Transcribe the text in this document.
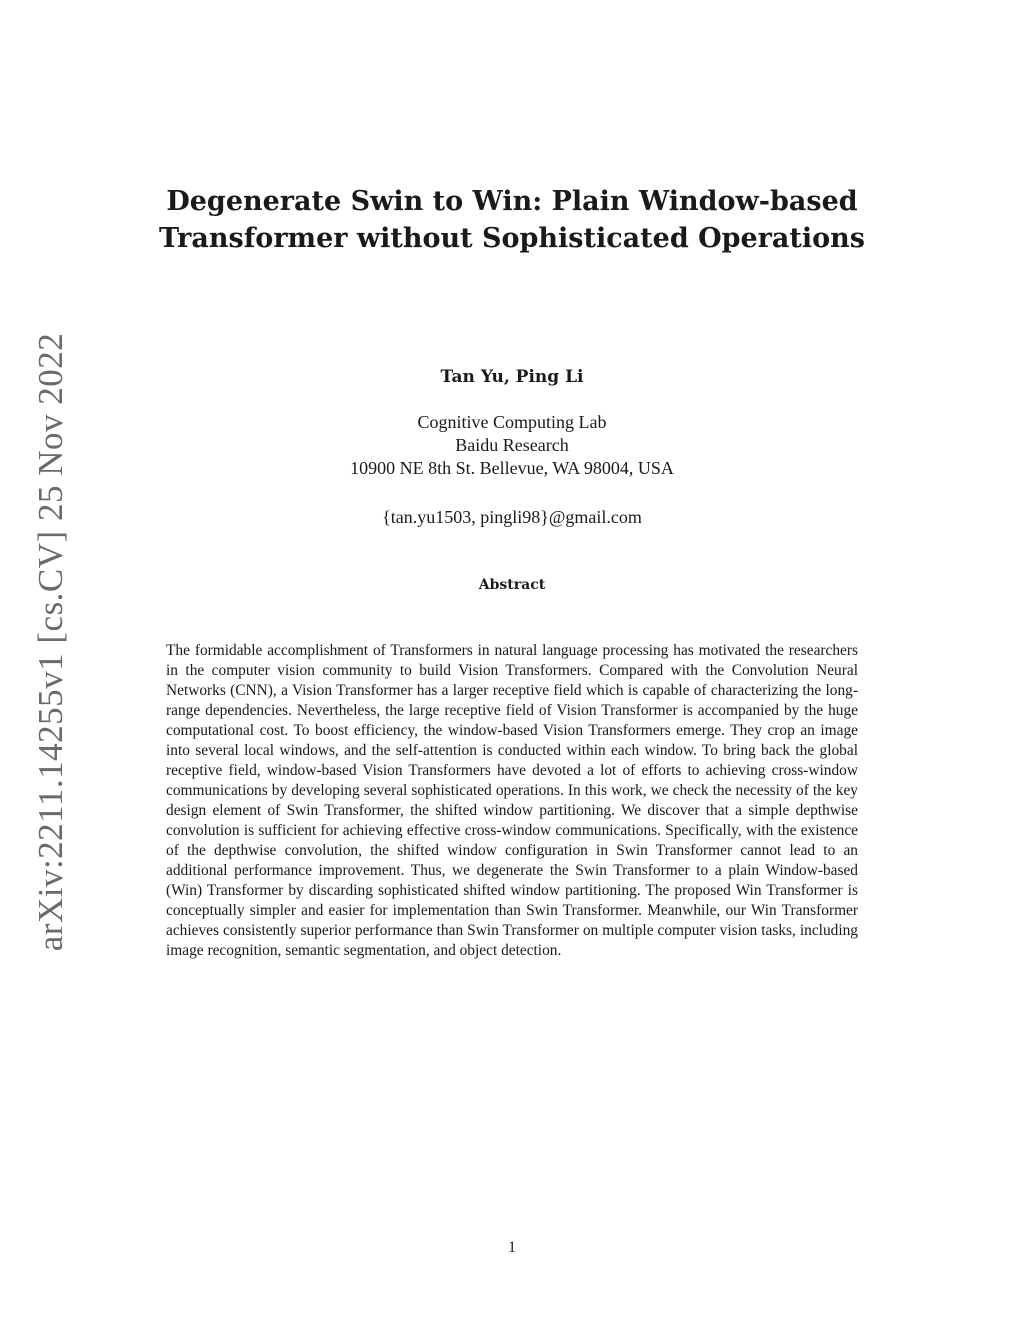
arXiv:2211.14255v1 [cs.CV] 25 Nov 2022
Degenerate Swin to Win: Plain Window-based
Transformer without Sophisticated Operations
Tan Yu, Ping Li
Cognitive Computing Lab
Baidu Research
10900 NE 8th St. Bellevue, WA 98004, USA
{tan.yu1503, pingli98}@gmail.com
Abstract

The formidable accomplishment of Transformers in natural language processing has motivated the researchers in the computer vision community to build Vision Transformers. Compared with the Convolution Neural Networks (CNN), a Vision Transformer has a larger receptive field which is capable of characterizing the long-range dependencies. Nevertheless, the large receptive field of Vision Transformer is accompanied by the huge computational cost. To boost efficiency, the window-based Vision Transformers emerge. They crop an image into several local windows, and the self-attention is conducted within each window. To bring back the global receptive field, window-based Vision Transformers have devoted a lot of efforts to achieving cross-window communications by developing several sophisticated operations. In this work, we check the necessity of the key design element of Swin Transformer, the shifted window partitioning. We discover that a simple depthwise convolution is sufficient for achieving effective cross-window communications. Specifically, with the existence of the depthwise convolution, the shifted window configuration in Swin Transformer cannot lead to an additional performance improvement. Thus, we degenerate the Swin Transformer to a plain Window-based (Win) Transformer by discarding sophisticated shifted window partitioning. The proposed Win Transformer is conceptually simpler and easier for implementation than Swin Transformer. Meanwhile, our Win Transformer achieves consistently superior performance than Swin Transformer on multiple computer vision tasks, including image recognition, semantic segmentation, and object detection.

1
